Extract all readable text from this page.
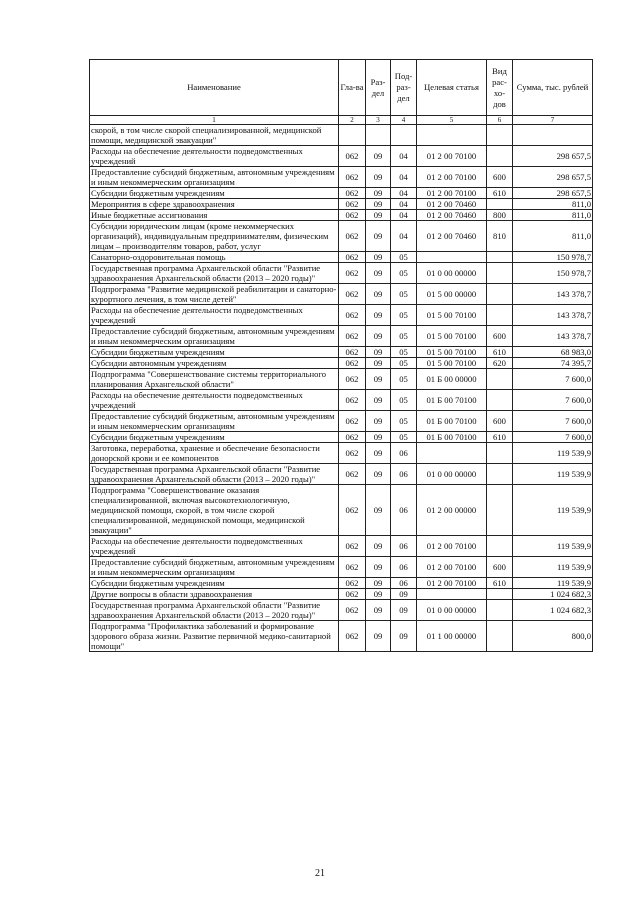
Наименование	Гла-ва	Раз-дел	Под-раз-дел	Целевая статья	Вид рас-хо-дов	Сумма, тыс. рублей
1	2	3	4	5	6	7
скорой, в том числе скорой специализированной, медицинской помощи, медицинской эвакуации"						
Расходы на обеспечение деятельности подведомственных учреждений	062	09	04	01 2 00 70100		298 657,5
Предоставление субсидий бюджетным, автономным учреждениям и иным некоммерческим организациям	062	09	04	01 2 00 70100	600	298 657,5
Субсидии бюджетным учреждениям	062	09	04	01 2 00 70100	610	298 657,5
Мероприятия в сфере здравоохранения	062	09	04	01 2 00 70460		811,0
Иные бюджетные ассигнования	062	09	04	01 2 00 70460	800	811,0
Субсидии юридическим лицам (кроме некоммерческих организаций), индивидуальным предпринимателям, физическим лицам – производителям товаров, работ, услуг	062	09	04	01 2 00 70460	810	811,0
Санаторно-оздоровительная помощь	062	09	05			150 978,7
Государственная программа Архангельской области "Развитие здравоохранения Архангельской области (2013 – 2020 годы)"	062	09	05	01 0 00 00000		150 978,7
Подпрограмма "Развитие медицинской реабилитации и санаторно-курортного лечения, в том числе детей"	062	09	05	01 5 00 00000		143 378,7
Расходы на обеспечение деятельности подведомственных учреждений	062	09	05	01 5 00 70100		143 378,7
Предоставление субсидий бюджетным, автономным учреждениям и иным некоммерческим организациям	062	09	05	01 5 00 70100	600	143 378,7
Субсидии бюджетным учреждениям	062	09	05	01 5 00 70100	610	68 983,0
Субсидии автономным учреждениям	062	09	05	01 5 00 70100	620	74 395,7
Подпрограмма "Совершенствование системы территориального планирования Архангельской области"	062	09	05	01 Б 00 00000		7 600,0
Расходы на обеспечение деятельности подведомственных учреждений	062	09	05	01 Б 00 70100		7 600,0
Предоставление субсидий бюджетным, автономным учреждениям и иным некоммерческим организациям	062	09	05	01 Б 00 70100	600	7 600,0
Субсидии бюджетным учреждениям	062	09	05	01 Б 00 70100	610	7 600,0
Заготовка, переработка, хранение и обеспечение безопасности донорской крови и ее компонентов	062	09	06			119 539,9
Государственная программа Архангельской области "Развитие здравоохранения Архангельской области (2013 – 2020 годы)"	062	09	06	01 0 00 00000		119 539,9
Подпрограмма "Совершенствование оказания специализированной, включая высокотехнологичную, медицинской помощи, скорой, в том числе скорой специализированной, медицинской помощи, медицинской эвакуации"	062	09	06	01 2 00 00000		119 539,9
Расходы на обеспечение деятельности подведомственных учреждений	062	09	06	01 2 00 70100		119 539,9
Предоставление субсидий бюджетным, автономным учреждениям и иным некоммерческим организациям	062	09	06	01 2 00 70100	600	119 539,9
Субсидии бюджетным учреждениям	062	09	06	01 2 00 70100	610	119 539,9
Другие вопросы в области здравоохранения	062	09	09			1 024 682,3
Государственная программа Архангельской области "Развитие здравоохранения Архангельской области (2013 – 2020 годы)"	062	09	09	01 0 00 00000		1 024 682,3
Подпрограмма "Профилактика заболеваний и формирование здорового образа жизни. Развитие первичной медико-санитарной помощи"	062	09	09	01 1 00 00000		800,0
21
